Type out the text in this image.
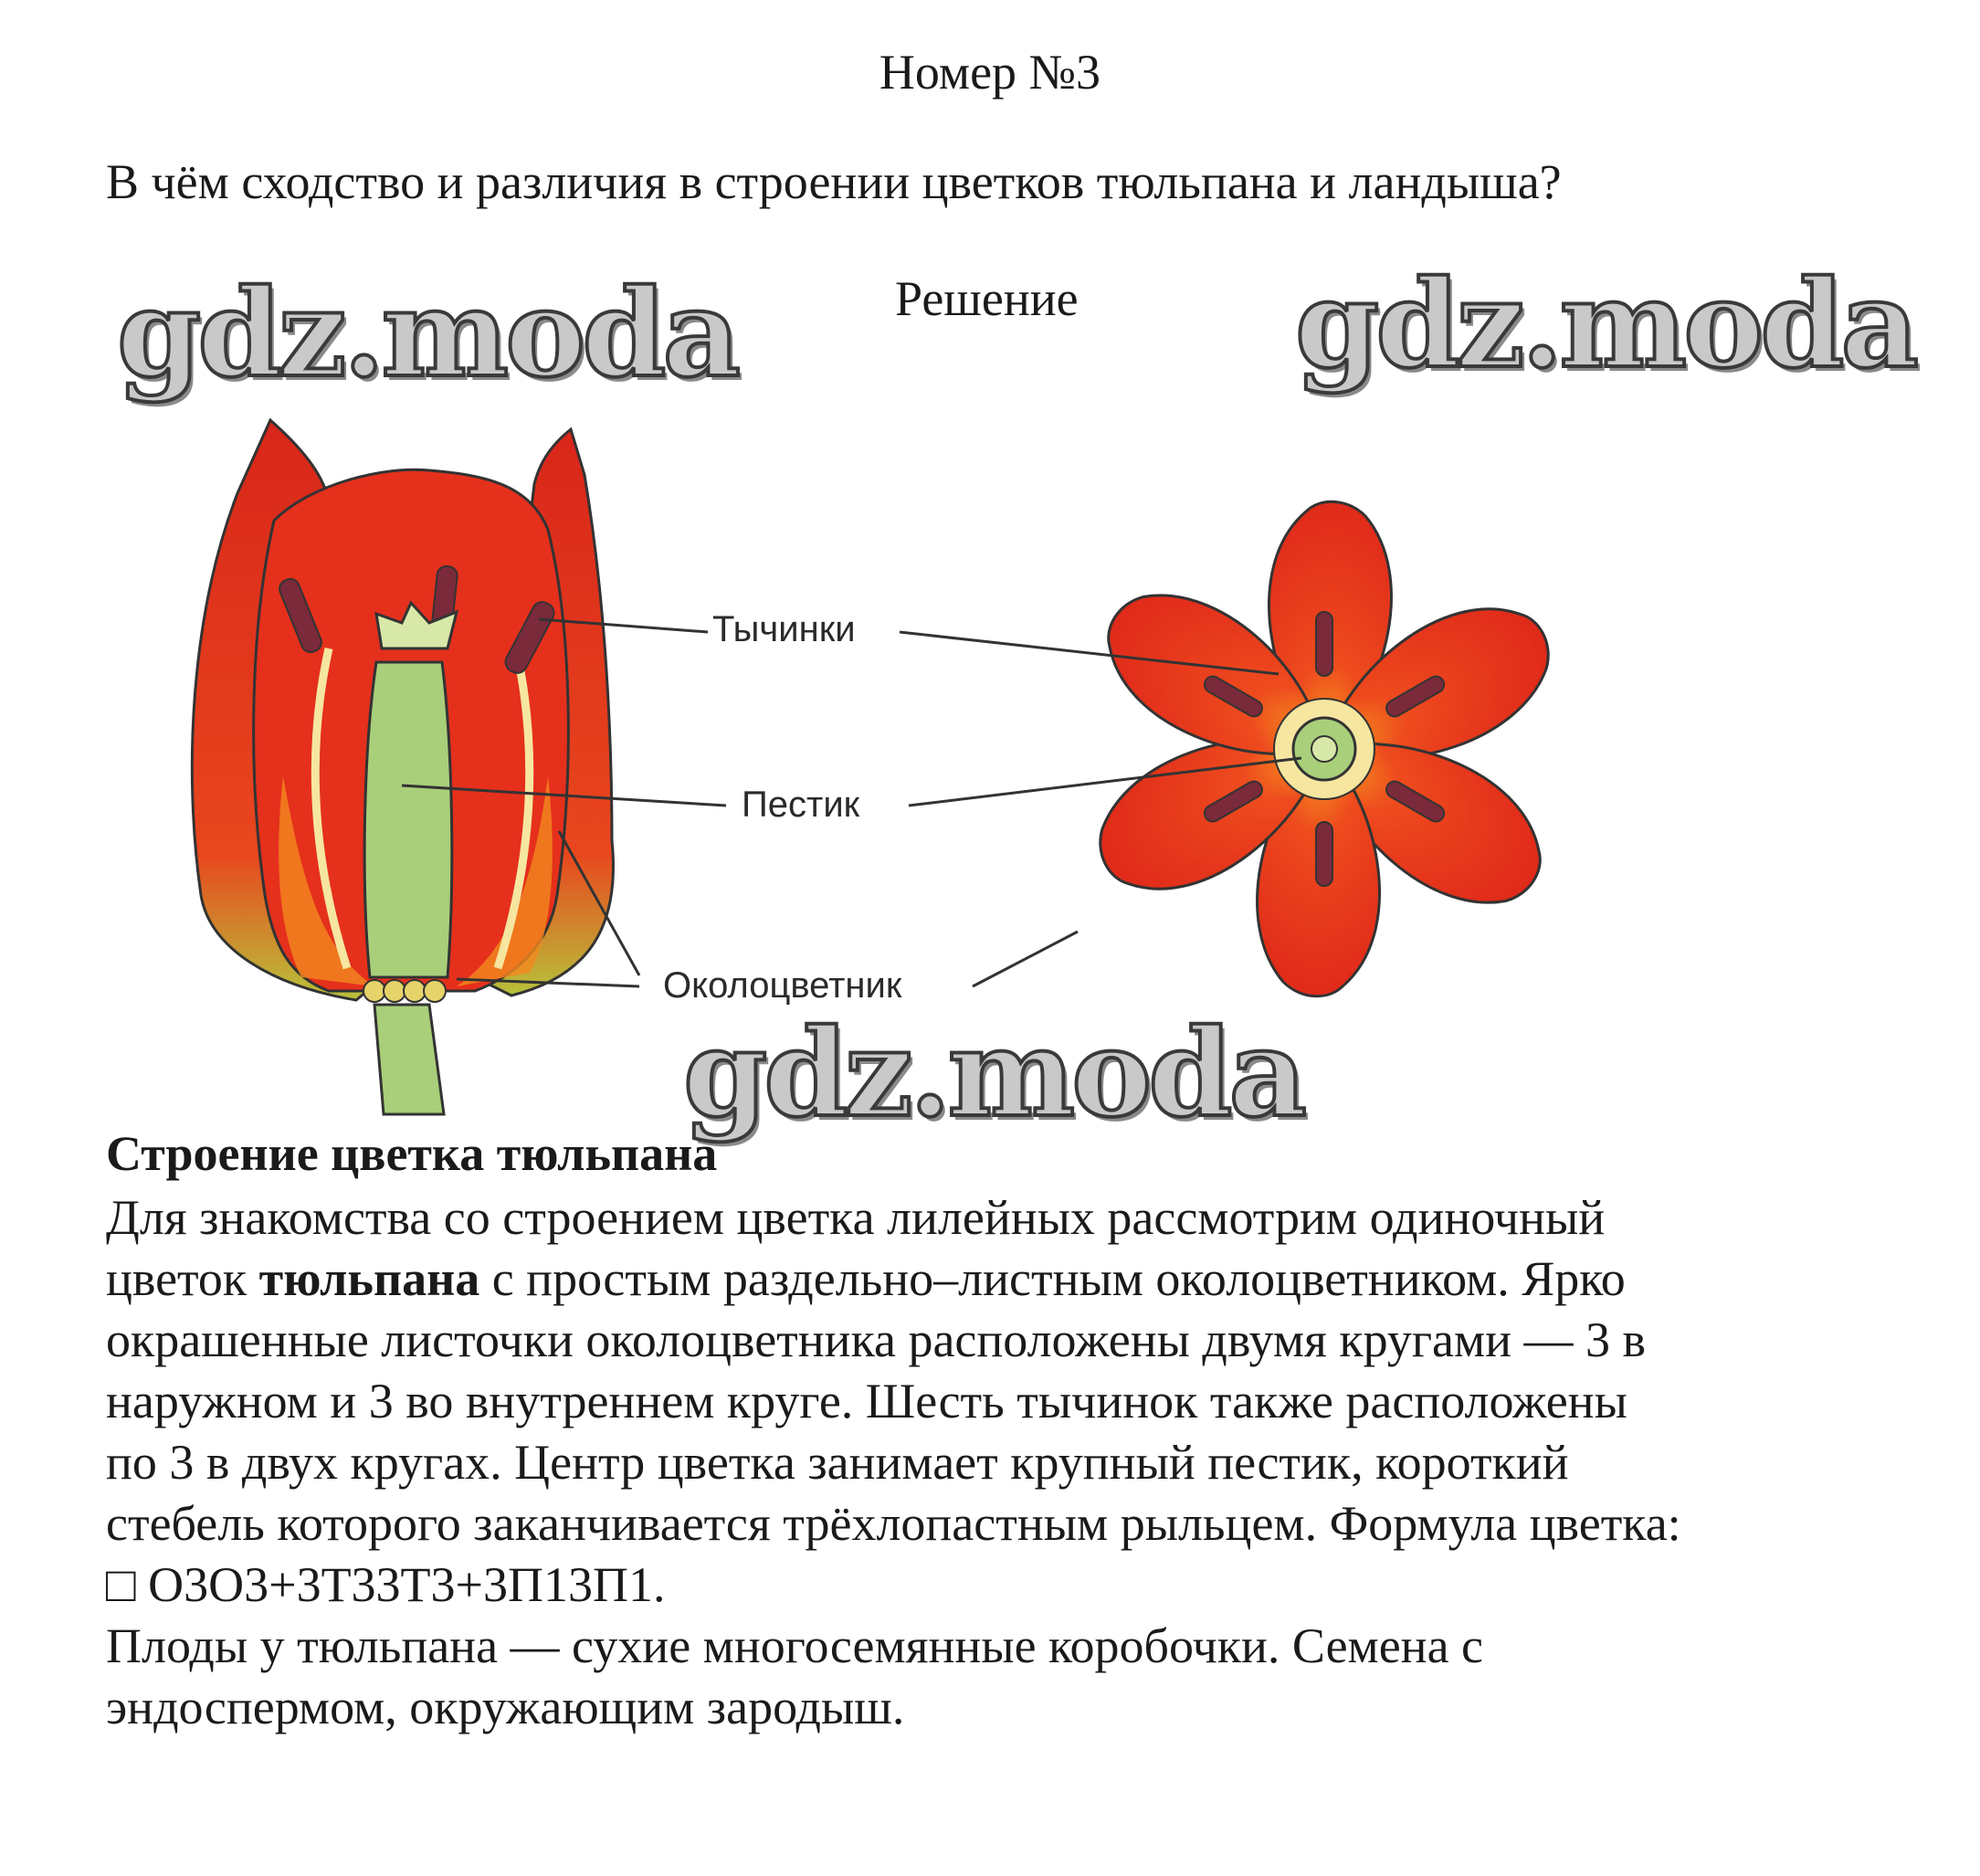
Номер №3
В чём сходство и различия в строении цветков тюльпана и ландыша?
Решение
Тычинки
Пестик
Околоцветник
gdz.moda	gdz.moda
gdz.moda
Строение цветка тюльпана

Для знакомства со строением цветка лилейных рассмотрим одиночный

цветок тюльпана с простым раздельно–листным околоцветником. Ярко

окрашенные листочки околоцветника расположены двумя кругами — 3 в

наружном и 3 во внутреннем круге. Шесть тычинок также расположены

по 3 в двух кругах. Центр цветка занимает крупный пестик, короткий

стебель которого заканчивается трёхлопастным рыльцем. Формула цветка:

□ О3О3+3Т33Т3+3П13П1.

Плоды у тюльпана — сухие многосемянные коробочки. Семена с

эндоспермом, окружающим зародыш.
